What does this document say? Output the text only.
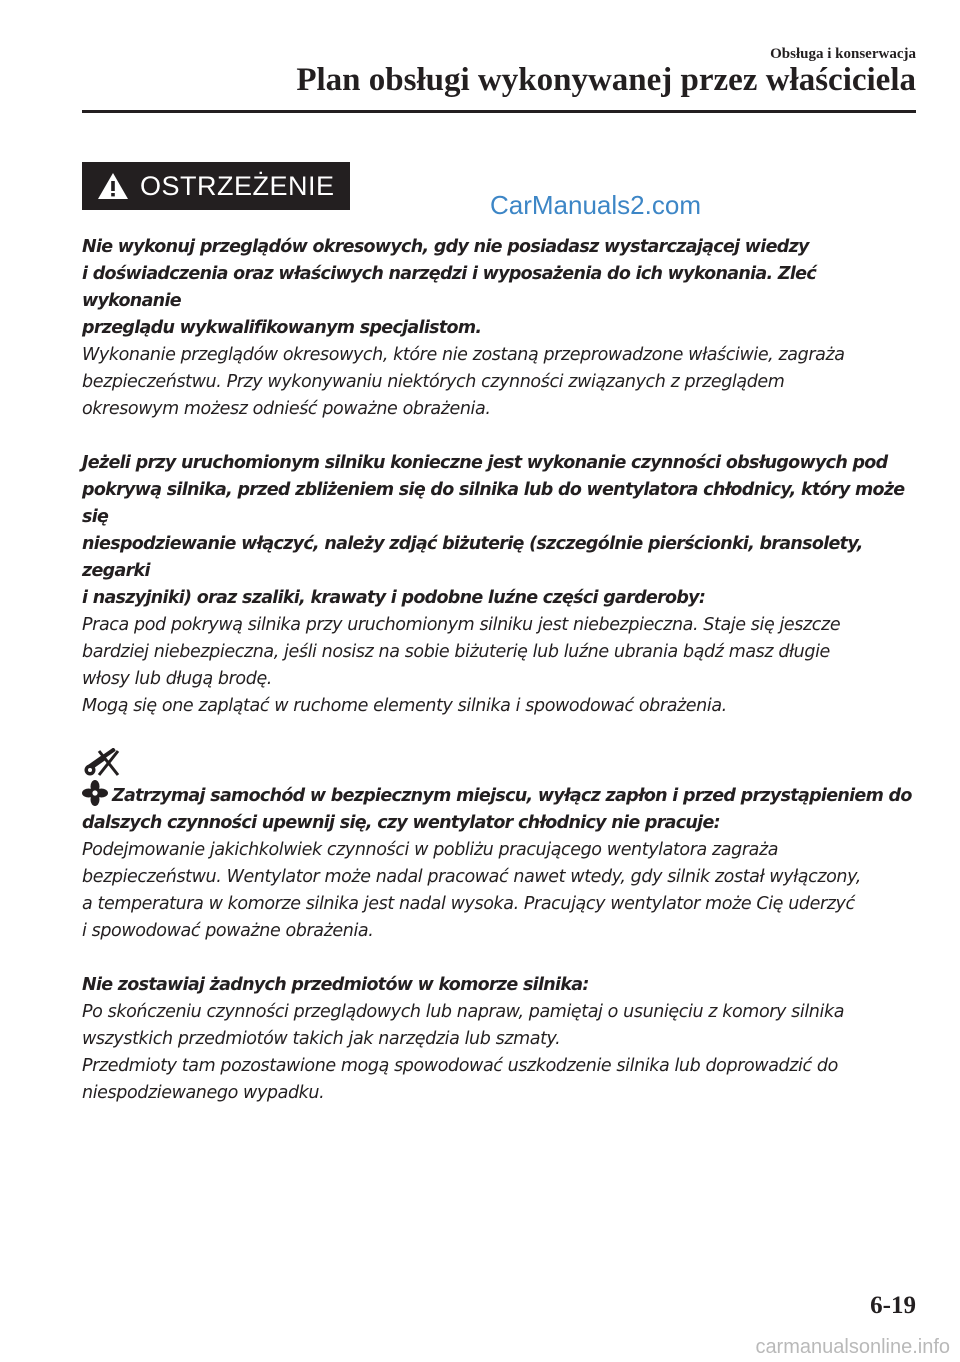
Obsługa i konserwacja
Plan obsługi wykonywanej przez właściciela
OSTRZEŻENIE
CarManuals2.com

Nie wykonuj przeglądów okresowych, gdy nie posiadasz wystarczającej wiedzy

i doświadczenia oraz właściwych narzędzi i wyposażenia do ich wykonania. Zleć wykonanie

przeglądu wykwalifikowanym specjalistom.

Wykonanie przeglądów okresowych, które nie zostaną przeprowadzone właściwie, zagraża

bezpieczeństwu. Przy wykonywaniu niektórych czynności związanych z przeglądem

okresowym możesz odnieść poważne obrażenia.

Jeżeli przy uruchomionym silniku konieczne jest wykonanie czynności obsługowych pod

pokrywą silnika, przed zbliżeniem się do silnika lub do wentylatora chłodnicy, który może się

niespodziewanie włączyć, należy zdjąć biżuterię (szczególnie pierścionki, bransolety, zegarki

i naszyjniki) oraz szaliki, krawaty i podobne luźne części garderoby:

Praca pod pokrywą silnika przy uruchomionym silniku jest niebezpieczna. Staje się jeszcze

bardziej niebezpieczna, jeśli nosisz na sobie biżuterię lub luźne ubrania bądź masz długie

włosy lub długą brodę.

Mogą się one zaplątać w ruchome elementy silnika i spowodować obrażenia.

Zatrzymaj samochód w bezpiecznym miejscu, wyłącz zapłon i przed przystąpieniem do

dalszych czynności upewnij się, czy wentylator chłodnicy nie pracuje:

Podejmowanie jakichkolwiek czynności w pobliżu pracującego wentylatora zagraża

bezpieczeństwu. Wentylator może nadal pracować nawet wtedy, gdy silnik został wyłączony,

a temperatura w komorze silnika jest nadal wysoka. Pracujący wentylator może Cię uderzyć

i spowodować poważne obrażenia.

Nie zostawiaj żadnych przedmiotów w komorze silnika:

Po skończeniu czynności przeglądowych lub napraw, pamiętaj o usunięciu z komory silnika

wszystkich przedmiotów takich jak narzędzia lub szmaty.

Przedmioty tam pozostawione mogą spowodować uszkodzenie silnika lub doprowadzić do

niespodziewanego wypadku.

6-19
carmanualsonline.info
